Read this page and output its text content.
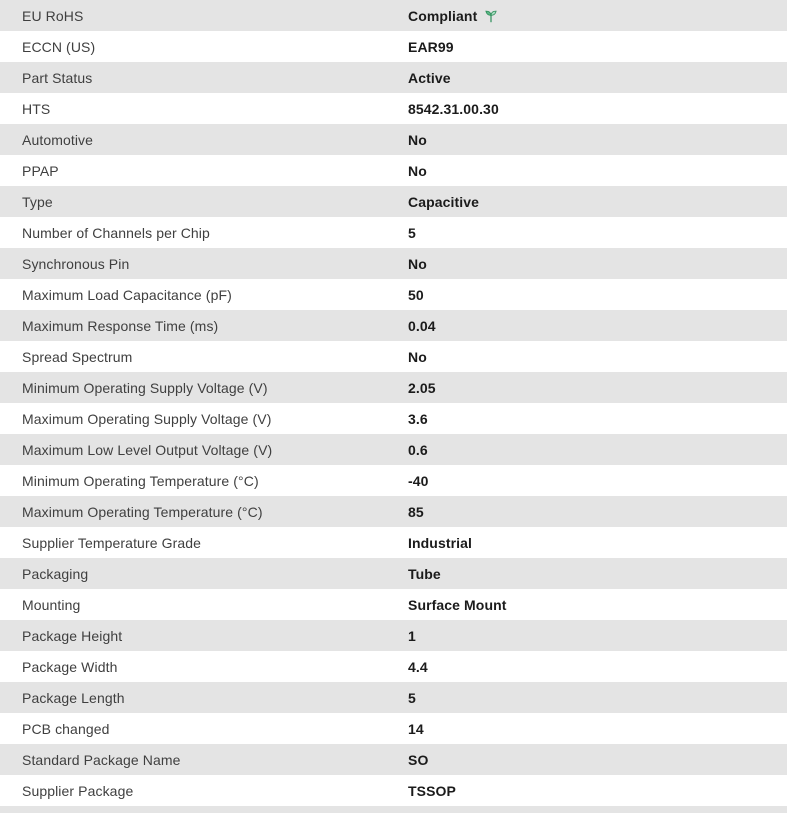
EU RoHS	Compliant
ECCN (US)	EAR99
Part Status	Active
HTS	8542.31.00.30
Automotive	No
PPAP	No
Type	Capacitive
Number of Channels per Chip	5
Synchronous Pin	No
Maximum Load Capacitance (pF)	50
Maximum Response Time (ms)	0.04
Spread Spectrum	No
Minimum Operating Supply Voltage (V)	2.05
Maximum Operating Supply Voltage (V)	3.6
Maximum Low Level Output Voltage (V)	0.6
Minimum Operating Temperature (°C)	-40
Maximum Operating Temperature (°C)	85
Supplier Temperature Grade	Industrial
Packaging	Tube
Mounting	Surface Mount
Package Height	1
Package Width	4.4
Package Length	5
PCB changed	14
Standard Package Name	SO
Supplier Package	TSSOP
